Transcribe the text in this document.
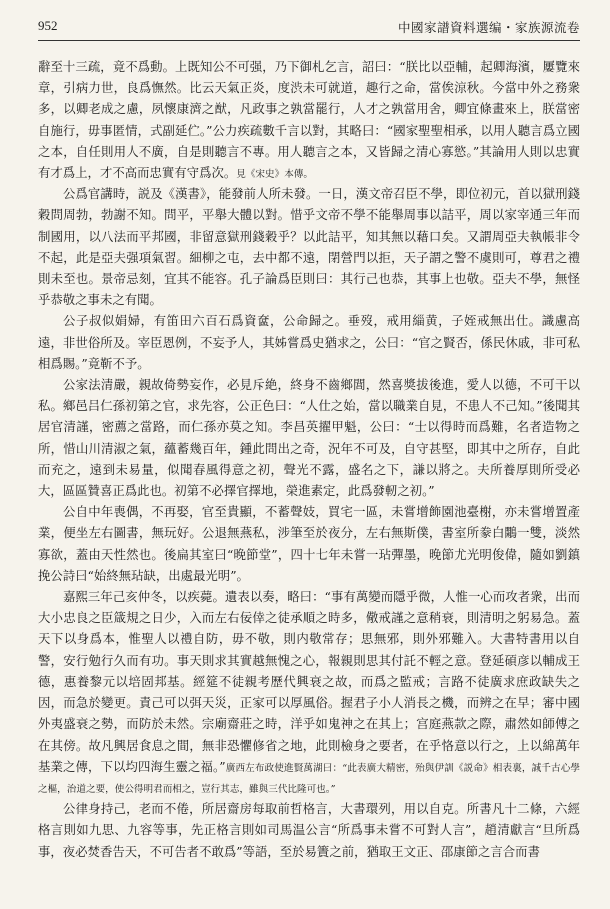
952	中國家譜資料選编・家族源流卷

辭至十三疏，竟不爲動。上既知公不可强，乃下御札乞言，詔曰：“朕比以亞輔，起卿海濱，屢覽來章，引病力世，良爲憮然。比云天氣正炎，度渋未可就道，趣行之命，當俟涼秋。今當中外之務衆多，以卿老成之慮，夙懷康濟之猷，凡政事之孰當罷行，人才之孰當用舍，卿宜條畫來上，朕當密自施行，毋事匿情，式副延伫。”公力疾疏數千言以對，其略曰：“國家聖聖相承，以用人聽言爲立國之本，自任則用人不廣，自是則聽言不專。用人聽言之本，又皆歸之清心寡慾。”其論用人則以忠實有才爲上，才不高而忠實有守爲次。見《宋史》本傳。

公爲官講時，説及《漢書》，能發前人所未發。一日，漢文帝召臣不學，即位初元，首以獄刑錢穀問周勃，勃謝不知。問平，平舉大體以對。惜乎文帝不學不能舉周事以詰平，周以家宰通三年而制國用，以八法而平邦國，非留意獄刑錢穀乎？以此詰平，知其無以藉口矣。又謂周亞夫執帳非令不起，此是亞夫强項氣習。細柳之屯，去中都不遠，閉營門以拒，天子謂之警不虞則可，尊君之禮則未至也。景帝忌刻，宜其不能容。孔子論爲臣則曰：其行己也恭，其事上也敬。亞夫不學，無怪乎恭敬之事未之有聞。

公子叔似娟婦，有笛田六百石爲資奩，公命歸之。垂歿，戒用緇黄，子姪戒無出仕。識慮高遠，非世俗所及。宰臣恩例，不妄予人，其姊嘗爲史猶求之，公曰：“官之賢否，係民休戚，非可私相爲賜。”竟靳不予。

公家法清嚴，親故倚勢妄作，必見斥絶，終身不齒鄉閭，然喜獎拔後進，愛人以德，不可干以私。鄉邑吕仁孫初第之官，求先容，公正色曰：“人仕之始，當以職業自見，不患人不己知。”後聞其居官清謹，密薦之當路，而仁孫亦莫之知。李昌英擢甲魁，公曰：“士以得時而爲難，名者造物之所，惜山川清淑之氣，蘊蓄幾百年，鍾此問出之奇，況年不可及，自守甚堅，即其中之所存，自此而充之，遠到未易量，似聞春風得意之初，聲光不露，盛名之下，謙以將之。夫所養厚則所受必大，區區贊喜正爲此也。初第不必擇官擇地，榮進素定，此爲發軔之初。”

公自中年喪偶，不再娶，官至貴顯，不蓄聲妓，買宅一區，未嘗增飾園池臺榭，亦未嘗增置產業，便坐左右圖書，無玩好。公退無燕私，涉筆至於夜分，左右無斯僕，書室所豢白鷴一雙，淡然寡欲，蓋由天性然也。後扁其室曰“晚節堂”，四十七年未嘗一玷彈墨，晚節尤光明俊偉，隨如劉鎮挽公詩曰“始終無玷缺，出處最光明”。

嘉熙三年己亥仲冬，以疾薨。遺表以奏，略曰：“事有萬變而隱乎微，人惟一心而攻者衆，出而大小忠良之臣箴規之日少，入而左右佞倖之徒承順之時多，儆戒謹之意稍衰，則清明之躬易急。蓋天下以身爲本，惟聖人以禮自防，毋不敬，則内敬常存；思無邪，則外邪難入。大書特書用以自警，安行勉行久而有功。事天則求其實越無愧之心，報親則思其付託不輕之意。登延碩彦以輔成王德，惠養黎元以培固邦基。經筵不徒親考歷代興衰之故，而爲之監戒；言路不徒廣求庶政缺失之因，而急於變更。責己可以弭天災，正家可以厚風俗。握君子小人消長之機，而辨之在早；審中國外夷盛衰之勢，而防於未然。宗廟齋莊之時，洋乎如鬼神之在其上；宫庭燕款之際，肅然如師傅之在其傍。故凡興居食息之間，無非恐懼修省之地，此則檢身之要者，在乎恪意以行之，上以綿萬年基業之傳，下以均四海生靈之福。”廣西左布政使進賢萬湖曰：“此表廣大精密，殆與伊訓《説命》相表裏，誠千古心學之樞，治道之要，使公得明君而相之，豈行其志，雖與三代比隆可也。”

公律身持己，老而不倦，所居齋房每取前哲格言，大書環列，用以自克。所書凡十二條，六經格言則如九思、九容等事，先正格言則如司馬温公言“所爲事未嘗不可對人言”，趙清獻言“旦所爲事，夜必焚香告天，不可告者不敢爲”等語，至於易簀之前，猶取王文正、邵康節之言合而書
